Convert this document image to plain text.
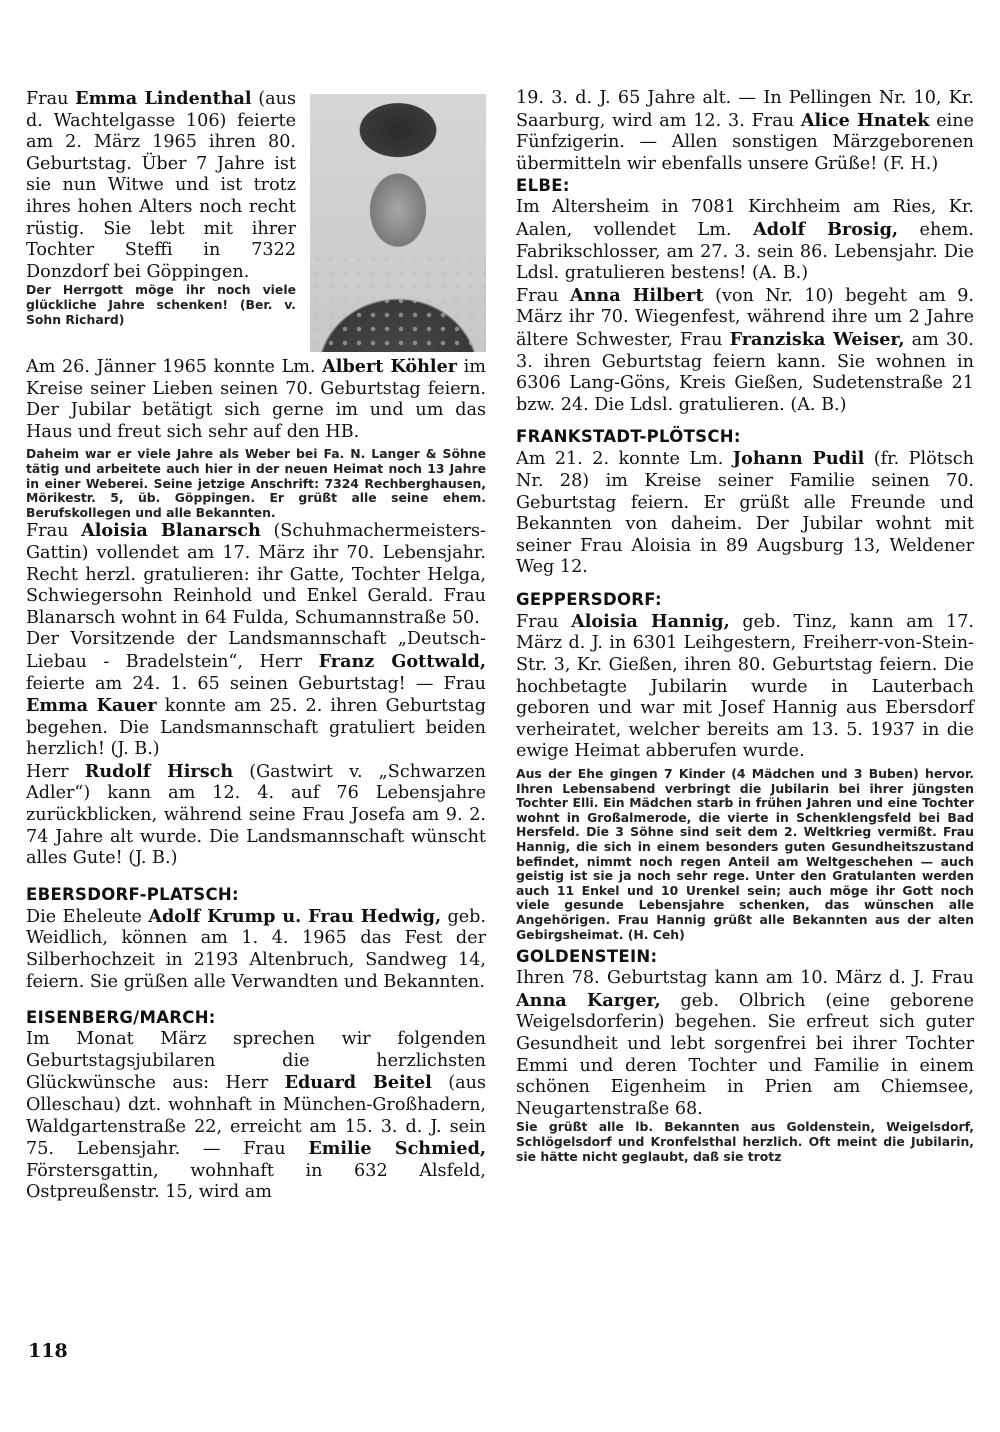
Frau Emma Lindenthal (aus d. Wachtelgasse 106) feierte am 2. März 1965 ihren 80. Geburtstag. Über 7 Jahre ist sie nun Witwe und ist trotz ihres hohen Alters noch recht rüstig. Sie lebt mit ihrer Tochter Steffi in 7322 Donzdorf bei Göppingen.

Der Herrgott möge ihr noch viele glückliche Jahre schenken! (Ber. v. Sohn Richard)

Am 26. Jänner 1965 konnte Lm. Albert Köhler im Kreise seiner Lieben seinen 70. Geburtstag feiern. Der Jubilar betätigt sich gerne im und um das Haus und freut sich sehr auf den HB.

Daheim war er viele Jahre als Weber bei Fa. N. Langer & Söhne tätig und arbeitete auch hier in der neuen Heimat noch 13 Jahre in einer Weberei. Seine jetzige Anschrift: 7324 Rechberghausen, Mörikestr. 5, üb. Göppingen. Er grüßt alle seine ehem. Berufskollegen und alle Bekannten.

Frau Aloisia Blanarsch (Schuhmachermeisters-Gattin) vollendet am 17. März ihr 70. Lebensjahr. Recht herzl. gratulieren: ihr Gatte, Tochter Helga, Schwiegersohn Reinhold und Enkel Gerald. Frau Blanarsch wohnt in 64 Fulda, Schumannstraße 50.

Der Vorsitzende der Landsmannschaft „Deutsch-Liebau - Bradelstein“, Herr Franz Gottwald, feierte am 24. 1. 65 seinen Geburtstag! — Frau Emma Kauer konnte am 25. 2. ihren Geburtstag begehen. Die Landsmannschaft gratuliert beiden herzlich! (J. B.)

Herr Rudolf Hirsch (Gastwirt v. „Schwarzen Adler“) kann am 12. 4. auf 76 Lebensjahre zurückblicken, während seine Frau Josefa am 9. 2. 74 Jahre alt wurde. Die Landsmannschaft wünscht alles Gute! (J. B.)

EBERSDORF-PLATSCH:

Die Eheleute Adolf Krump u. Frau Hedwig, geb. Weidlich, können am 1. 4. 1965 das Fest der Silberhochzeit in 2193 Altenbruch, Sandweg 14, feiern. Sie grüßen alle Verwandten und Bekannten.

EISENBERG/MARCH:

Im Monat März sprechen wir folgenden Geburtstagsjubilaren die herzlichsten Glückwünsche aus: Herr Eduard Beitel (aus Olleschau) dzt. wohnhaft in München-Großhadern, Waldgartenstraße 22, erreicht am 15. 3. d. J. sein 75. Lebensjahr. — Frau Emilie Schmied, Förstersgattin, wohnhaft in 632 Alsfeld, Ostpreußenstr. 15, wird am

118

19. 3. d. J. 65 Jahre alt. — In Pellingen Nr. 10, Kr. Saarburg, wird am 12. 3. Frau Alice Hnatek eine Fünfzigerin. — Allen sonstigen Märzgeborenen übermitteln wir ebenfalls unsere Grüße! (F. H.)

ELBE:

Im Altersheim in 7081 Kirchheim am Ries, Kr. Aalen, vollendet Lm. Adolf Brosig, ehem. Fabrikschlosser, am 27. 3. sein 86. Lebensjahr. Die Ldsl. gratulieren bestens! (A. B.)

Frau Anna Hilbert (von Nr. 10) begeht am 9. März ihr 70. Wiegenfest, während ihre um 2 Jahre ältere Schwester, Frau Franziska Weiser, am 30. 3. ihren Geburtstag feiern kann. Sie wohnen in 6306 Lang-Göns, Kreis Gießen, Sudetenstraße 21 bzw. 24. Die Ldsl. gratulieren. (A. B.)

FRANKSTADT-PLÖTSCH:

Am 21. 2. konnte Lm. Johann Pudil (fr. Plötsch Nr. 28) im Kreise seiner Familie seinen 70. Geburtstag feiern. Er grüßt alle Freunde und Bekannten von daheim. Der Jubilar wohnt mit seiner Frau Aloisia in 89 Augsburg 13, Weldener Weg 12.

GEPPERSDORF:

Frau Aloisia Hannig, geb. Tinz, kann am 17. März d. J. in 6301 Leihgestern, Freiherr-von-Stein-Str. 3, Kr. Gießen, ihren 80. Geburtstag feiern. Die hochbetagte Jubilarin wurde in Lauterbach geboren und war mit Josef Hannig aus Ebersdorf verheiratet, welcher bereits am 13. 5. 1937 in die ewige Heimat abberufen wurde.

Aus der Ehe gingen 7 Kinder (4 Mädchen und 3 Buben) hervor. Ihren Lebensabend verbringt die Jubilarin bei ihrer jüngsten Tochter Elli. Ein Mädchen starb in frühen Jahren und eine Tochter wohnt in Großalmerode, die vierte in Schenklengsfeld bei Bad Hersfeld. Die 3 Söhne sind seit dem 2. Weltkrieg vermißt. Frau Hannig, die sich in einem besonders guten Gesundheitszustand befindet, nimmt noch regen Anteil am Weltgeschehen — auch geistig ist sie ja noch sehr rege. Unter den Gratulanten werden auch 11 Enkel und 10 Urenkel sein; auch möge ihr Gott noch viele gesunde Lebensjahre schenken, das wünschen alle Angehörigen. Frau Hannig grüßt alle Bekannten aus der alten Gebirgsheimat. (H. Ceh)

GOLDENSTEIN:

Ihren 78. Geburtstag kann am 10. März d. J. Frau Anna Karger, geb. Olbrich (eine geborene Weigelsdorferin) begehen. Sie erfreut sich guter Gesundheit und lebt sorgenfrei bei ihrer Tochter Emmi und deren Tochter und Familie in einem schönen Eigenheim in Prien am Chiemsee, Neugartenstraße 68.

Sie grüßt alle lb. Bekannten aus Goldenstein, Weigelsdorf, Schlögelsdorf und Kronfelsthal herzlich. Oft meint die Jubilarin, sie hätte nicht geglaubt, daß sie trotz
